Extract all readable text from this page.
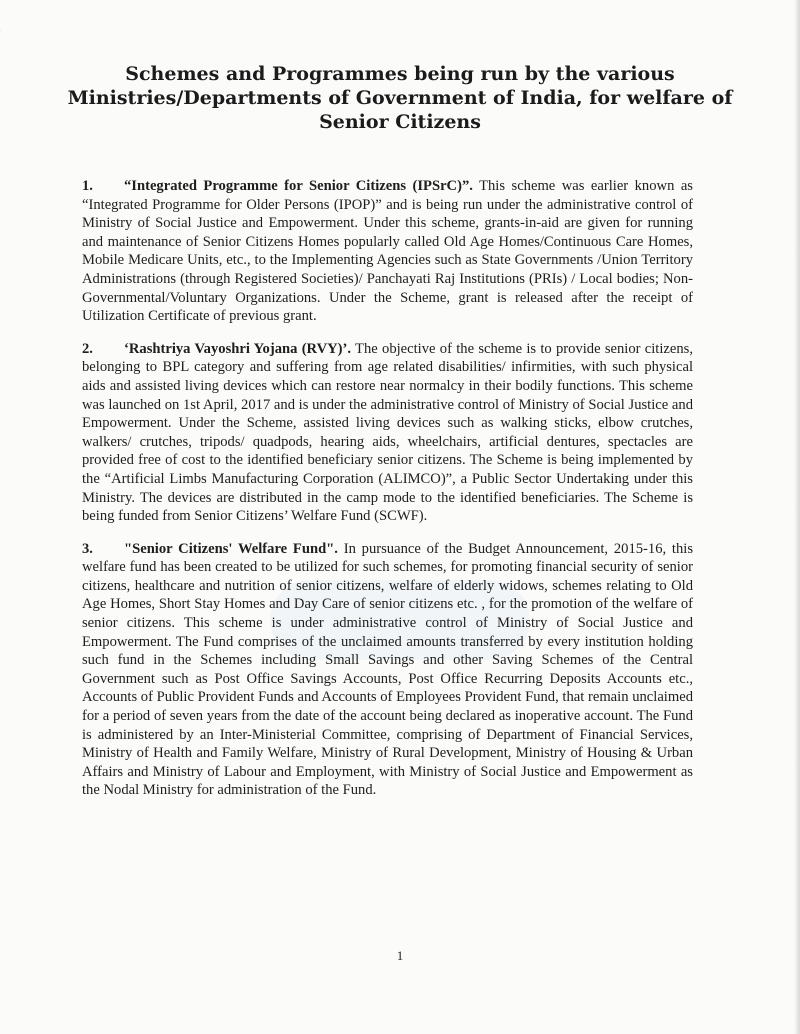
Schemes and Programmes being run by the various Ministries/Departments of Government of India, for welfare of Senior Citizens

1. “Integrated Programme for Senior Citizens (IPSrC)”. This scheme was earlier known as “Integrated Programme for Older Persons (IPOP)” and is being run under the administrative control of Ministry of Social Justice and Empowerment. Under this scheme, grants-in-aid are given for running and maintenance of Senior Citizens Homes popularly called Old Age Homes/Continuous Care Homes, Mobile Medicare Units, etc., to the Implementing Agencies such as State Governments /Union Territory Administrations (through Registered Societies)/ Panchayati Raj Institutions (PRIs) / Local bodies; Non-Governmental/Voluntary Organizations. Under the Scheme, grant is released after the receipt of Utilization Certificate of previous grant.

2. ‘Rashtriya Vayoshri Yojana (RVY)’. The objective of the scheme is to provide senior citizens, belonging to BPL category and suffering from age related disabilities/ infirmities, with such physical aids and assisted living devices which can restore near normalcy in their bodily functions. This scheme was launched on 1st April, 2017 and is under the administrative control of Ministry of Social Justice and Empowerment. Under the Scheme, assisted living devices such as walking sticks, elbow crutches, walkers/ crutches, tripods/ quadpods, hearing aids, wheelchairs, artificial dentures, spectacles are provided free of cost to the identified beneficiary senior citizens. The Scheme is being implemented by the “Artificial Limbs Manufacturing Corporation (ALIMCO)”, a Public Sector Undertaking under this Ministry. The devices are distributed in the camp mode to the identified beneficiaries. The Scheme is being funded from Senior Citizens’ Welfare Fund (SCWF).

3. "Senior Citizens' Welfare Fund". In pursuance of the Budget Announcement, 2015-16, this welfare fund has been created to be utilized for such schemes, for promoting financial security of senior citizens, healthcare and nutrition of senior citizens, welfare of elderly widows, schemes relating to Old Age Homes, Short Stay Homes and Day Care of senior citizens etc. , for the promotion of the welfare of senior citizens. This scheme is under administrative control of Ministry of Social Justice and Empowerment. The Fund comprises of the unclaimed amounts transferred by every institution holding such fund in the Schemes including Small Savings and other Saving Schemes of the Central Government such as Post Office Savings Accounts, Post Office Recurring Deposits Accounts etc., Accounts of Public Provident Funds and Accounts of Employees Provident Fund, that remain unclaimed for a period of seven years from the date of the account being declared as inoperative account. The Fund is administered by an Inter-Ministerial Committee, comprising of Department of Financial Services, Ministry of Health and Family Welfare, Ministry of Rural Development, Ministry of Housing & Urban Affairs and Ministry of Labour and Employment, with Ministry of Social Justice and Empowerment as the Nodal Ministry for administration of the Fund.

1
